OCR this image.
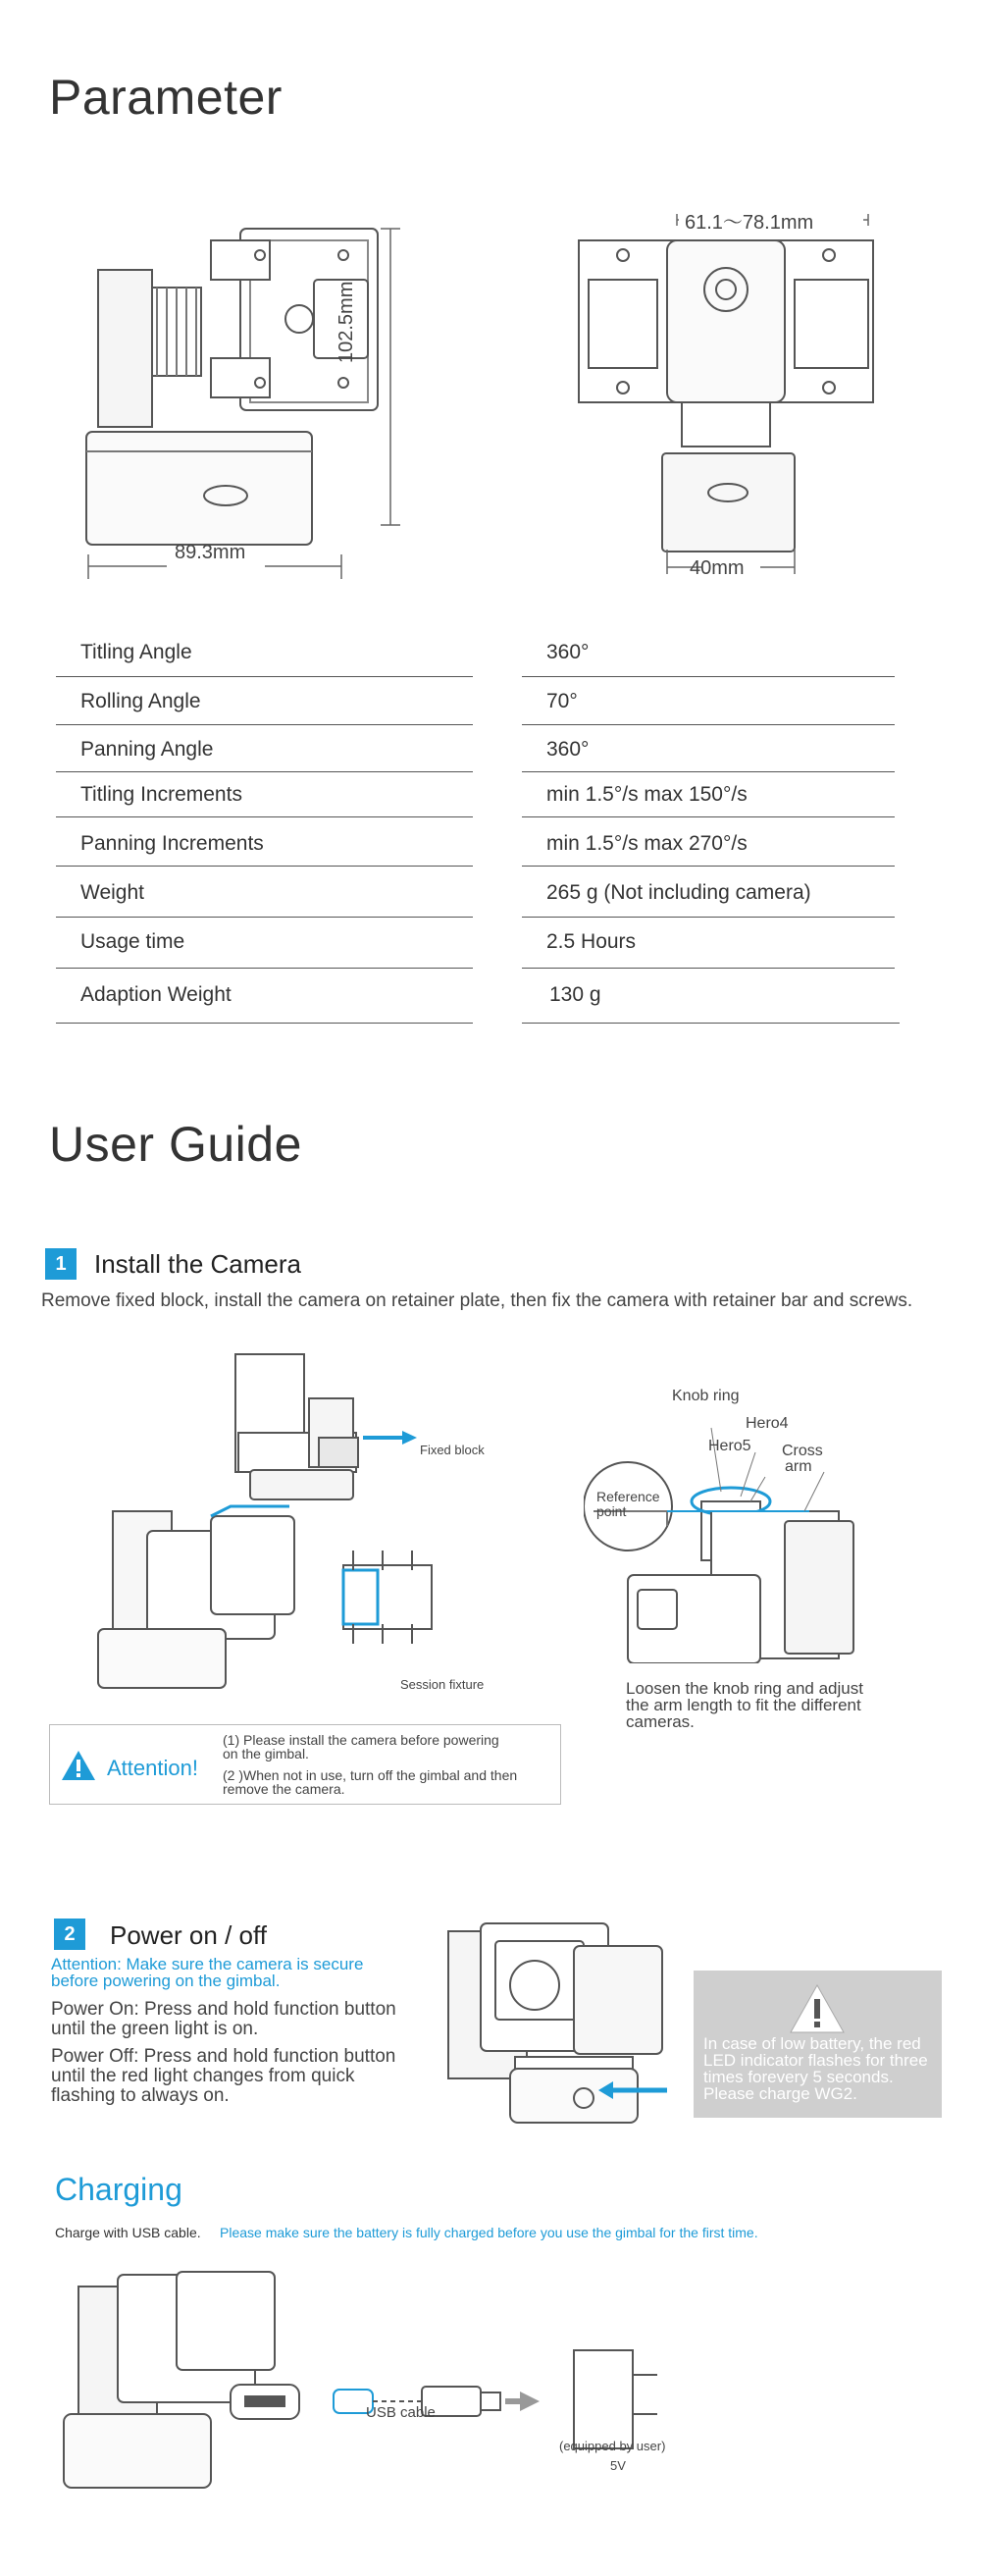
Parameter
102.5mm
89.3mm
61.1～78.1mm
40mm
Titling Angle	360°
Rolling Angle	70°
Panning Angle	360°
Titling Increments	min 1.5°/s max 150°/s
Panning Increments	min 1.5°/s max 270°/s
Weight	265 g (Not including camera)
Usage time	2.5 Hours
Adaption Weight	130 g
User Guide
1	Install the Camera
Remove fixed block, install the camera on retainer plate, then fix the camera with retainer bar and screws.
Fixed block
Session fixture
Knob ring
Hero4
Hero5 Cross
arm
Reference
point
Loosen the knob ring and adjust
the arm length to fit the different
cameras.
Attention!
(1) Please install the camera before powering
on the gimbal.
(2 )When not in use, turn off the gimbal and then
remove the camera.
2	Power on / off
Attention: Make sure the camera is secure
before powering on the gimbal.
Power On: Press and hold function button
until the green light is on.
Power Off: Press and hold function button
until the red light changes from quick
flashing to always on.
In case of low battery, the red
LED indicator flashes for three
times forevery 5 seconds.
Please charge WG2.
Charging
Charge with USB cable. Please make sure the battery is fully charged before you use the gimbal for the first time.
USB cable
(equipped by user)
5V
